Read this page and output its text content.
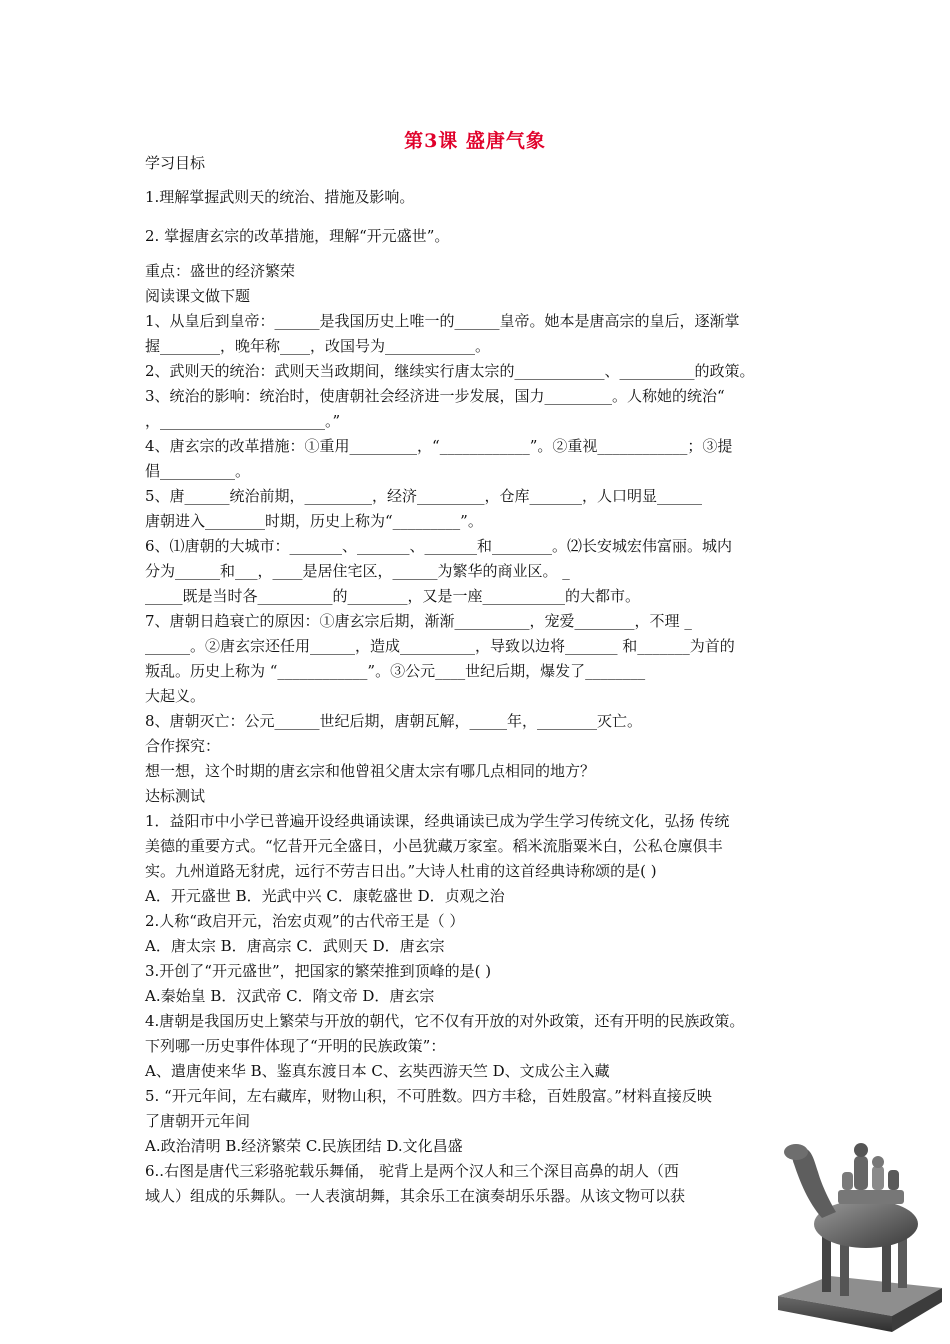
第3课 盛唐气象
学习目标
1.理解掌握武则天的统治、措施及影响。
2. 掌握唐玄宗的改革措施，理解“开元盛世”。
重点：盛世的经济繁荣
阅读课文做下题
1、从皇后到皇帝：______是我国历史上唯一的______皇帝。她本是唐高宗的皇后，逐渐掌
握________，晚年称____，改国号为____________。
2、武则天的统治：武则天当政期间，继续实行唐太宗的____________、__________的政策。
3、统治的影响：统治时，使唐朝社会经济进一步发展，国力_________。人称她的统治“
，______________________。”
4、唐玄宗的改革措施：①重用_________，“____________”。②重视____________；③提
倡__________。
5、唐______统治前期，_________，经济_________，仓库_______，人口明显______
唐朝进入________时期，历史上称为“_________”。
6、⑴唐朝的大城市：_______、_______、_______和________。⑵长安城宏伟富丽。城内
分为______和___，____是居住宅区，______为繁华的商业区。 _
_____既是当时各__________的________，又是一座___________的大都市。
7、唐朝日趋衰亡的原因：①唐玄宗后期，渐渐__________，宠爱________，不理 _
______。②唐玄宗还任用______，造成__________，导致以边将_______ 和_______为首的
叛乱。历史上称为 “____________”。③公元____世纪后期，爆发了________
大起义。
8、唐朝灭亡：公元______世纪后期，唐朝瓦解，_____年，________灭亡。
合作探究：
想一想，这个时期的唐玄宗和他曾祖父唐太宗有哪几点相同的地方？
达标测试
1．益阳市中小学已普遍开设经典诵读课，经典诵读已成为学生学习传统文化，弘扬 传统
美德的重要方式。“忆昔开元全盛日，小邑犹藏万家室。稻米流脂粟米白，公私仓廪俱丰
实。九州道路无豺虎，远行不劳吉日出。”大诗人杜甫的这首经典诗称颂的是( )
A．开元盛世 B．光武中兴 C．康乾盛世 D．贞观之治
2.人称“政启开元，治宏贞观”的古代帝王是（ ）
A．唐太宗 B．唐高宗 C．武则天 D．唐玄宗
3.开创了“开元盛世”，把国家的繁荣推到顶峰的是( )
A.秦始皇 B．汉武帝 C．隋文帝 D．唐玄宗
4.唐朝是我国历史上繁荣与开放的朝代，它不仅有开放的对外政策，还有开明的民族政策。
下列哪一历史事件体现了“开明的民族政策”：
A、遣唐使来华 B、鉴真东渡日本 C、玄奘西游天竺 D、文成公主入藏
5. “开元年间，左右藏库，财物山积，不可胜数。四方丰稔，百姓殷富。”材料直接反映
了唐朝开元年间
A.政治清明 B.经济繁荣 C.民族团结 D.文化昌盛
6..右图是唐代三彩骆驼载乐舞俑， 驼背上是两个汉人和三个深目高鼻的胡人（西
域人）组成的乐舞队。一人表演胡舞，其余乐工在演奏胡乐乐器。从该文物可以获
